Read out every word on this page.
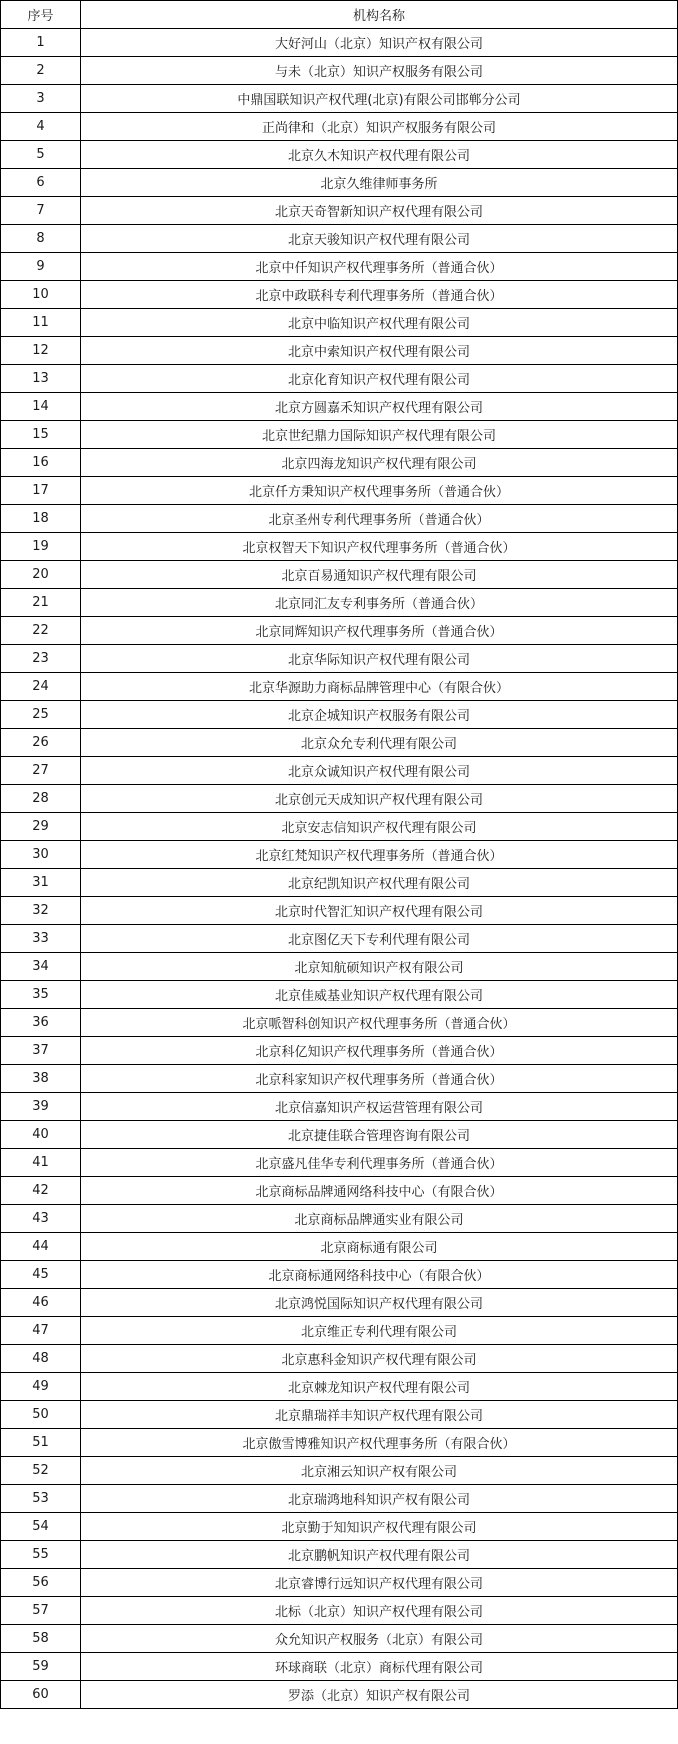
序号	机构名称
1	大好河山（北京）知识产权有限公司
2	与未（北京）知识产权服务有限公司
3	中鼎国联知识产权代理(北京)有限公司邯郸分公司
4	正尚律和（北京）知识产权服务有限公司
5	北京久木知识产权代理有限公司
6	北京久维律师事务所
7	北京天奇智新知识产权代理有限公司
8	北京天骏知识产权代理有限公司
9	北京中仟知识产权代理事务所（普通合伙）
10	北京中政联科专利代理事务所（普通合伙）
11	北京中临知识产权代理有限公司
12	北京中索知识产权代理有限公司
13	北京化育知识产权代理有限公司
14	北京方圆嘉禾知识产权代理有限公司
15	北京世纪鼎力国际知识产权代理有限公司
16	北京四海龙知识产权代理有限公司
17	北京仟方秉知识产权代理事务所（普通合伙）
18	北京圣州专利代理事务所（普通合伙）
19	北京权智天下知识产权代理事务所（普通合伙）
20	北京百易通知识产权代理有限公司
21	北京同汇友专利事务所（普通合伙）
22	北京同辉知识产权代理事务所（普通合伙）
23	北京华际知识产权代理有限公司
24	北京华源助力商标品牌管理中心（有限合伙）
25	北京企城知识产权服务有限公司
26	北京众允专利代理有限公司
27	北京众诚知识产权代理有限公司
28	北京创元天成知识产权代理有限公司
29	北京安志信知识产权代理有限公司
30	北京红梵知识产权代理事务所（普通合伙）
31	北京纪凯知识产权代理有限公司
32	北京时代智汇知识产权代理有限公司
33	北京图亿天下专利代理有限公司
34	北京知航硕知识产权有限公司
35	北京佳威基业知识产权代理有限公司
36	北京哌智科创知识产权代理事务所（普通合伙）
37	北京科亿知识产权代理事务所（普通合伙）
38	北京科家知识产权代理事务所（普通合伙）
39	北京信嘉知识产权运营管理有限公司
40	北京捷佳联合管理咨询有限公司
41	北京盛凡佳华专利代理事务所（普通合伙）
42	北京商标品牌通网络科技中心（有限合伙）
43	北京商标品牌通实业有限公司
44	北京商标通有限公司
45	北京商标通网络科技中心（有限合伙）
46	北京鸿悦国际知识产权代理有限公司
47	北京维正专利代理有限公司
48	北京惠科金知识产权代理有限公司
49	北京棘龙知识产权代理有限公司
50	北京鼎瑞祥丰知识产权代理有限公司
51	北京傲雪博雅知识产权代理事务所（有限合伙）
52	北京湘云知识产权有限公司
53	北京瑞鸿地科知识产权有限公司
54	北京勤于知知识产权代理有限公司
55	北京鹏帆知识产权代理有限公司
56	北京睿博行远知识产权代理有限公司
57	北标（北京）知识产权代理有限公司
58	众允知识产权服务（北京）有限公司
59	环球商联（北京）商标代理有限公司
60	罗添（北京）知识产权有限公司
